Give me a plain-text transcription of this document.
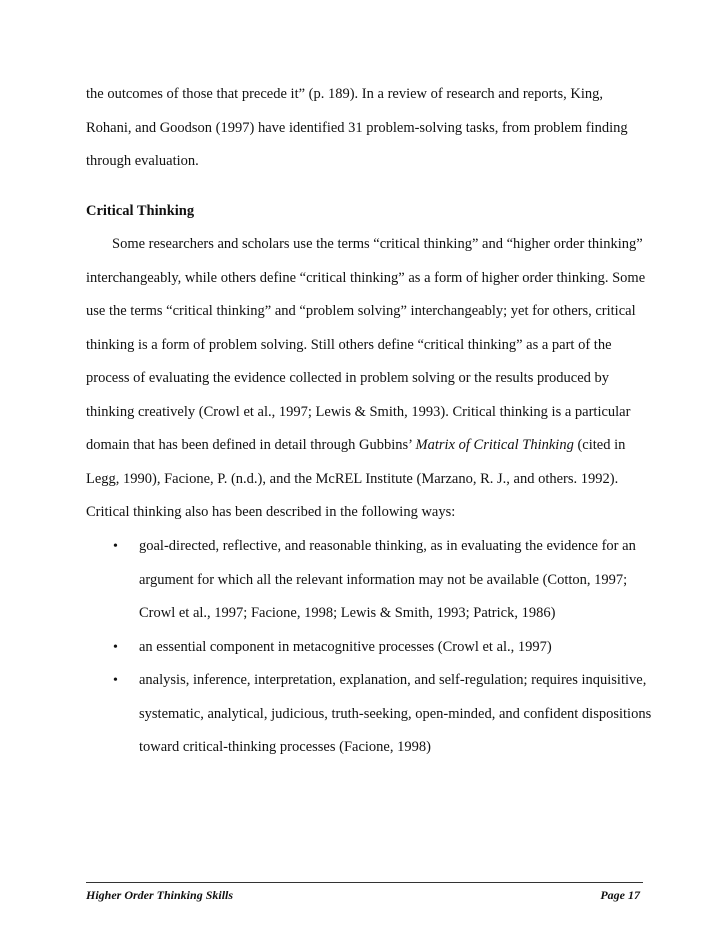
the outcomes of those that precede it” (p. 189). In a review of research and reports, King,
Rohani, and Goodson (1997) have identified 31 problem-solving tasks, from problem finding
through evaluation.

Critical Thinking

Some researchers and scholars use the terms “critical thinking” and “higher order thinking”
interchangeably, while others define “critical thinking” as a form of higher order thinking. Some
use the terms “critical thinking” and “problem solving” interchangeably; yet for others, critical
thinking is a form of problem solving. Still others define “critical thinking” as a part of the
process of evaluating the evidence collected in problem solving or the results produced by
thinking creatively (Crowl et al., 1997; Lewis & Smith, 1993). Critical thinking is a particular
domain that has been defined in detail through Gubbins’ Matrix of Critical Thinking (cited in
Legg, 1990), Facione, P. (n.d.), and the McREL Institute (Marzano, R. J., and others. 1992).
Critical thinking also has been described in the following ways:

• goal-directed, reflective, and reasonable thinking, as in evaluating the evidence for an
argument for which all the relevant information may not be available (Cotton, 1997;
Crowl et al., 1997; Facione, 1998; Lewis & Smith, 1993; Patrick, 1986)
• an essential component in metacognitive processes (Crowl et al., 1997)
• analysis, inference, interpretation, explanation, and self-regulation; requires inquisitive,
systematic, analytical, judicious, truth-seeking, open-minded, and confident dispositions
toward critical-thinking processes (Facione, 1998)
Higher Order Thinking Skills	Page 17
